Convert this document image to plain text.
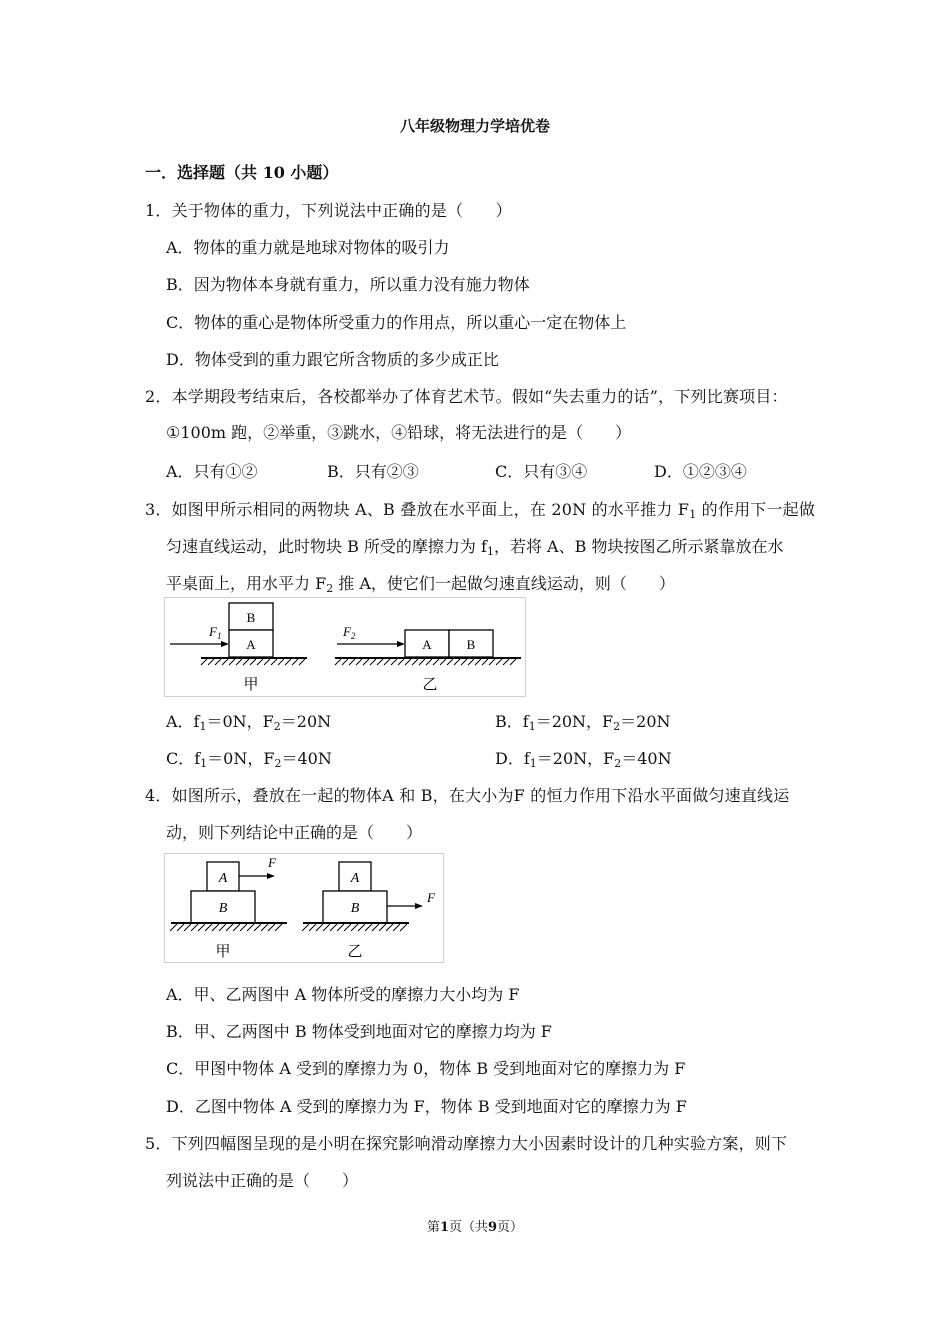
八年级物理力学培优卷
一．选择题（共 10 小题）
1．关于物体的重力，下列说法中正确的是（　　）
A．物体的重力就是地球对物体的吸引力
B．因为物体本身就有重力，所以重力没有施力物体
C．物体的重心是物体所受重力的作用点，所以重心一定在物体上
D．物体受到的重力跟它所含物质的多少成正比
2．本学期段考结束后，各校都举办了体育艺术节。假如“失去重力的话”，下列比赛项目：
①100m 跑，②举重，③跳水，④铅球，将无法进行的是（　　）
A．只有①②	B．只有②③	C．只有③④	D．①②③④
3．如图甲所示相同的两物块 A、B 叠放在水平面上，在 20N 的水平推力 $F_1$ 的作用下一起做
匀速直线运动，此时物块 B 所受的摩擦力为 $f_1$，若将 A、B 物块按图乙所示紧靠放在水
平桌面上，用水平力 $F_2$ 推 A，使它们一起做匀速直线运动，则（　　）
B
A
$F_1$
甲
A	B
$F_2$
乙
A．$f_1=0N$，$F_2=20N$	B．$f_1=20N$，$F_2=20N$
C．$f_1=0N$，$F_2=40N$	D．$f_1=20N$，$F_2=40N$
4．如图所示，叠放在一起的物体A 和 B，在大小为F 的恒力作用下沿水平面做匀速直线运
动，则下列结论中正确的是（　　）
A
B
F
甲
A
B
F
乙
A．甲、乙两图中 A 物体所受的摩擦力大小均为 F
B．甲、乙两图中 B 物体受到地面对它的摩擦力均为 F
C．甲图中物体 A 受到的摩擦力为 0，物体 B 受到地面对它的摩擦力为 F
D．乙图中物体 A 受到的摩擦力为 F，物体 B 受到地面对它的摩擦力为 F
5．下列四幅图呈现的是小明在探究影响滑动摩擦力大小因素时设计的几种实验方案，则下
列说法中正确的是（　　）
第1页（共9页）
